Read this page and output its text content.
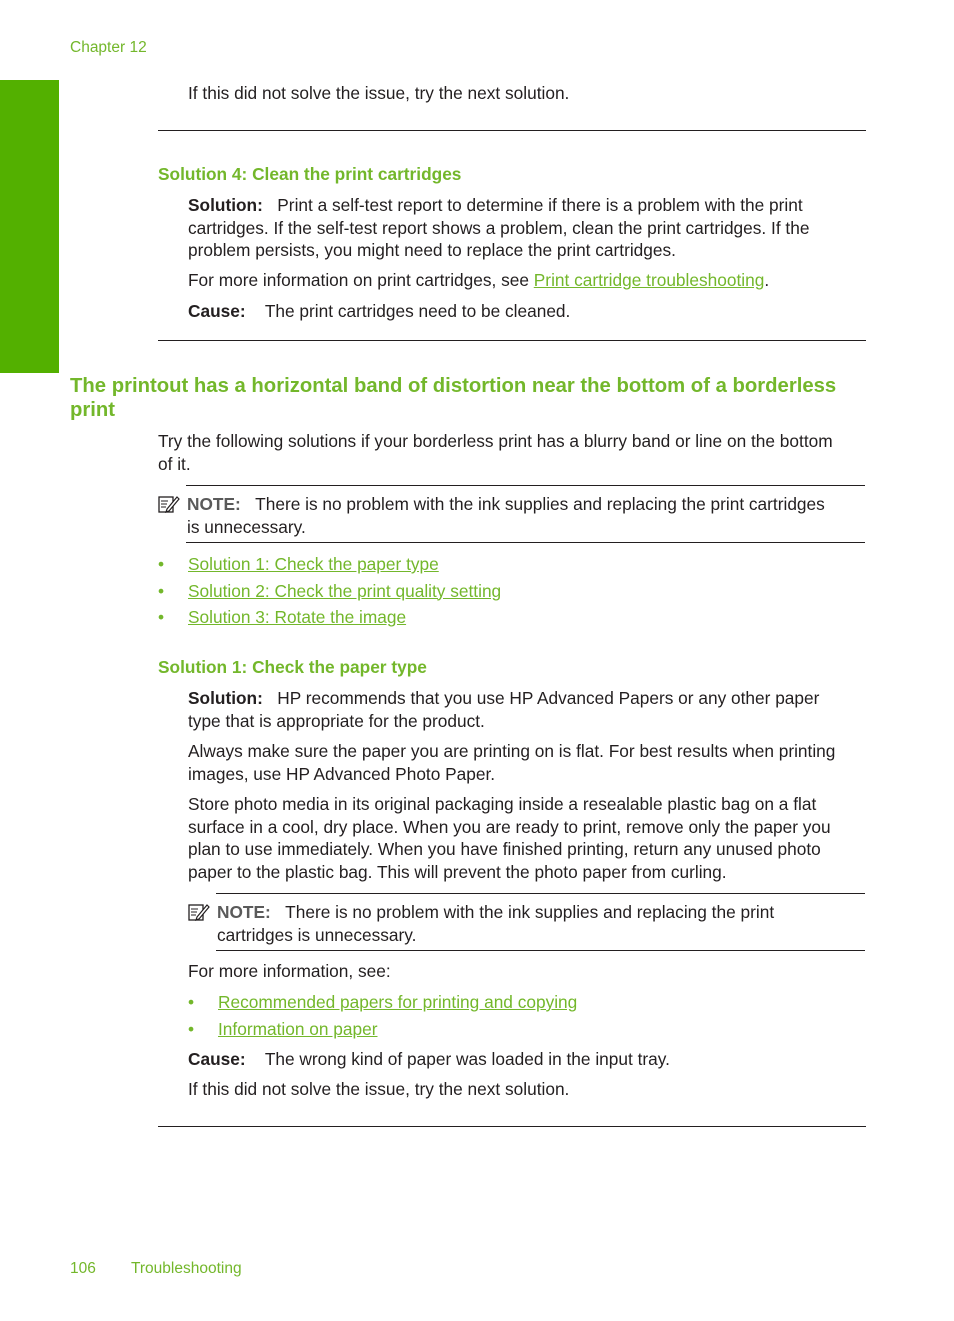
Chapter 12
If this did not solve the issue, try the next solution.
Solution 4: Clean the print cartridges
Solution: Print a self-test report to determine if there is a problem with the print
cartridges. If the self-test report shows a problem, clean the print cartridges. If the
problem persists, you might need to replace the print cartridges.
For more information on print cartridges, see Print cartridge troubleshooting.
Cause: The print cartridges need to be cleaned.
The printout has a horizontal band of distortion near the bottom of a borderless
print
Try the following solutions if your borderless print has a blurry band or line on the bottom
of it.
NOTE: There is no problem with the ink supplies and replacing the print cartridges
is unnecessary.
• Solution 1: Check the paper type
• Solution 2: Check the print quality setting
• Solution 3: Rotate the image
Solution 1: Check the paper type
Solution: HP recommends that you use HP Advanced Papers or any other paper
type that is appropriate for the product.
Always make sure the paper you are printing on is flat. For best results when printing
images, use HP Advanced Photo Paper.
Store photo media in its original packaging inside a resealable plastic bag on a flat
surface in a cool, dry place. When you are ready to print, remove only the paper you
plan to use immediately. When you have finished printing, return any unused photo
paper to the plastic bag. This will prevent the photo paper from curling.
NOTE: There is no problem with the ink supplies and replacing the print
cartridges is unnecessary.
For more information, see:
• Recommended papers for printing and copying
• Information on paper
Cause: The wrong kind of paper was loaded in the input tray.
If this did not solve the issue, try the next solution.
106 Troubleshooting
